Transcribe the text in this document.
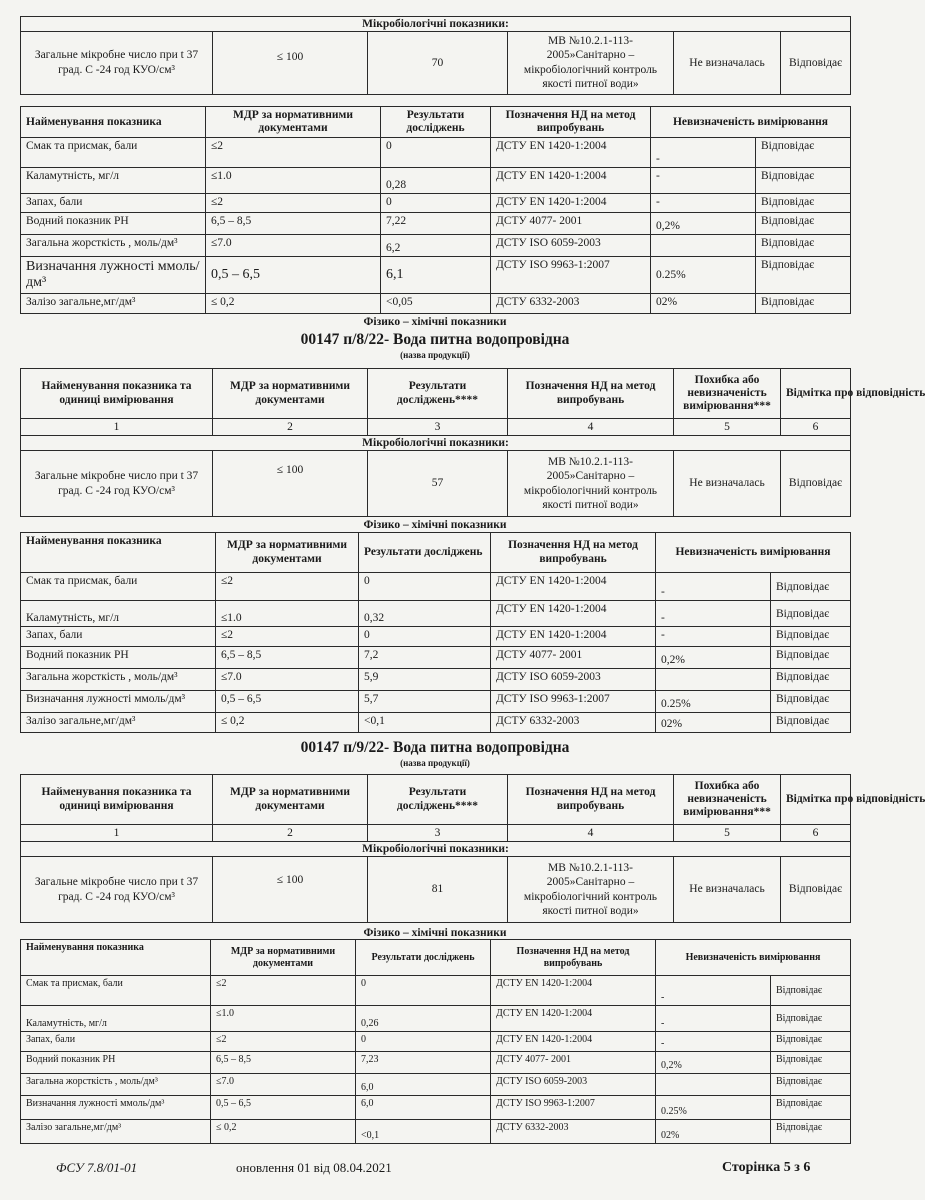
Мікробіологічні показники:
Загальне мікробне число при t 37 град. С -24 год КУО/см³	≤ 100	70	МВ №10.2.1-113-2005»Санітарно – мікробіологічний контроль якості питної води»	Не визначалась	Відповідає
Найменування показника	МДР за нормативними документами	Результати досліджень	Позначення НД на метод випробувань	Невизначеність вимірювання	
Смак та присмак, бали	≤2	0	ДСТУ EN 1420-1:2004	-	Відповідає
Каламутність, мг/л	≤1.0	0,28	ДСТУ EN 1420-1:2004	-	Відповідає
Запах, бали	≤2	0	ДСТУ EN 1420-1:2004	-	Відповідає
Водний показник PH	6,5 – 8,5	7,22	ДСТУ 4077- 2001	0,2%	Відповідає
Загальна жорсткість , моль/дм³	≤7.0	6,2	ДСТУ ISO 6059-2003		Відповідає
Визначання лужності ммоль/дм³	0,5 – 6,5	6,1	ДСТУ ISO 9963-1:2007	0.25%	Відповідає
Залізо загальне,мг/дм³	≤ 0,2	<0,05	ДСТУ 6332-2003	02%	Відповідає
Фізико – хімічні показники
00147 п/8/22- Вода питна водопровідна
(назва продукції)
Найменування показника та одиниці вимірювання	МДР за нормативними документами	Результати досліджень****	Позначення НД на метод випробувань	Похибка або невизначеність вимірювання***	Відмітка про відповідність
1	2	3	4	5	6
Мікробіологічні показники:					
Загальне мікробне число при t 37 град. С -24 год КУО/см³	≤ 100	57	МВ №10.2.1-113-2005»Санітарно – мікробіологічний контроль якості питної води»	Не визначалась	Відповідає
Фізико – хімічні показники
Найменування показника	МДР за нормативними документами	Результати досліджень	Позначення НД на метод випробувань	Невизначеність вимірювання	
Смак та присмак, бали	≤2	0	ДСТУ EN 1420-1:2004	-	Відповідає
Каламутність, мг/л	≤1.0	0,32	ДСТУ EN 1420-1:2004	-	Відповідає
Запах, бали	≤2	0	ДСТУ EN 1420-1:2004	-	Відповідає
Водний показник PH	6,5 – 8,5	7,2	ДСТУ 4077- 2001	0,2%	Відповідає
Загальна жорсткість , моль/дм³	≤7.0	5,9	ДСТУ ISO 6059-2003		Відповідає
Визначання лужності ммоль/дм³	0,5 – 6,5	5,7	ДСТУ ISO 9963-1:2007	0.25%	Відповідає
Залізо загальне,мг/дм³	≤ 0,2	<0,1	ДСТУ 6332-2003	02%	Відповідає
00147 п/9/22- Вода питна водопровідна
(назва продукції)
Найменування показника та одиниці вимірювання	МДР за нормативними документами	Результати досліджень****	Позначення НД на метод випробувань	Похибка або невизначеність вимірювання***	Відмітка про відповідність
1	2	3	4	5	6
Мікробіологічні показники:					
Загальне мікробне число при t 37 град. С -24 год КУО/см³	≤ 100	81	МВ №10.2.1-113-2005»Санітарно – мікробіологічний контроль якості питної води»	Не визначалась	Відповідає
Фізико – хімічні показники
Найменування показника	МДР за нормативними документами	Результати досліджень	Позначення НД на метод випробувань	Невизначеність вимірювання	
Смак та присмак, бали	≤2	0	ДСТУ EN 1420-1:2004	-	Відповідає
Каламутність, мг/л	≤1.0	0,26	ДСТУ EN 1420-1:2004	-	Відповідає
Запах, бали	≤2	0	ДСТУ EN 1420-1:2004	-	Відповідає
Водний показник PH	6,5 – 8,5	7,23	ДСТУ 4077- 2001	0,2%	Відповідає
Загальна жорсткість , моль/дм³	≤7.0	6,0	ДСТУ ISO 6059-2003		Відповідає
Визначання лужності ммоль/дм³	0,5 – 6,5	6,0	ДСТУ ISO 9963-1:2007	0.25%	Відповідає
Залізо загальне,мг/дм³	≤ 0,2	<0,1	ДСТУ 6332-2003	02%	Відповідає
ФСУ 7.8/01-01	оновлення 01 від 08.04.2021	Сторінка 5 з 6
